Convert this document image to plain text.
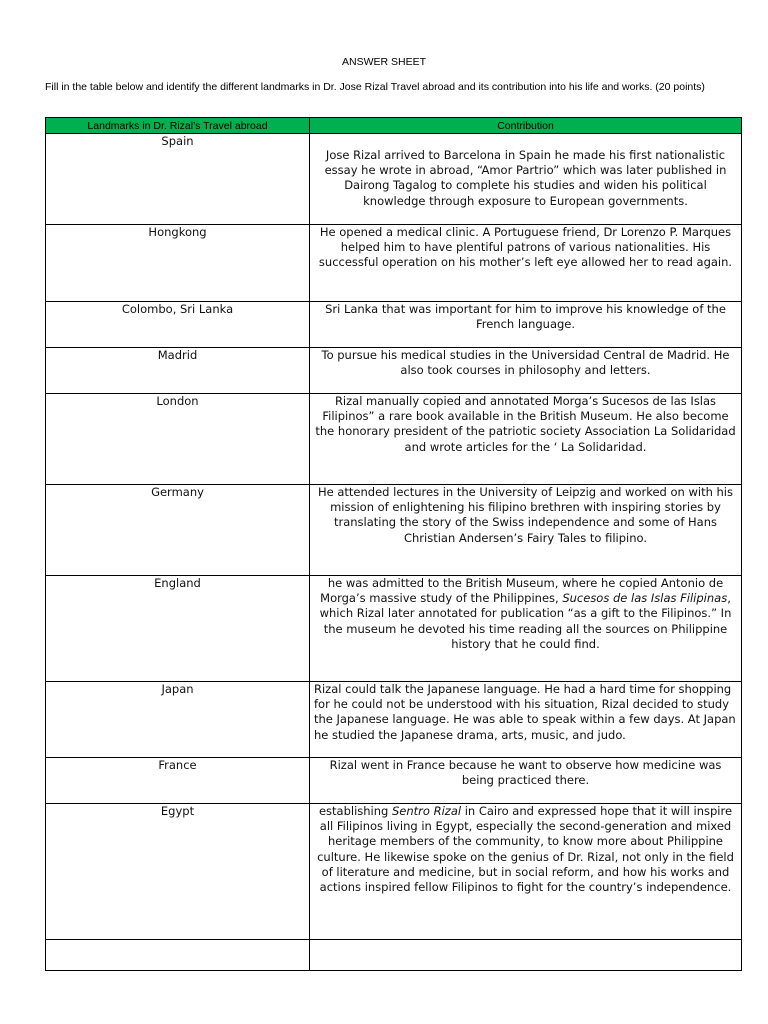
ANSWER SHEET
Fill in the table below and identify the different landmarks in Dr. Jose Rizal Travel abroad and its contribution into his life and works. (20 points)
Landmarks in Dr. Rizal’s Travel abroad	Contribution
Spain	Jose Rizal arrived to Barcelona in Spain he made his first nationalistic essay he wrote in abroad, “Amor Partrio” which was later published in Dairong Tagalog to complete his studies and widen his political knowledge through exposure to European governments.
Hongkong	He opened a medical clinic. A Portuguese friend, Dr Lorenzo P. Marques helped him to have plentiful patrons of various nationalities. His successful operation on his mother’s left eye allowed her to read again.
Colombo, Sri Lanka	Sri Lanka that was important for him to improve his knowledge of the French language.
Madrid	To pursue his medical studies in the Universidad Central de Madrid. He also took courses in philosophy and letters.
London	Rizal manually copied and annotated Morga’s Sucesos de las Islas Filipinos” a rare book available in the British Museum. He also become the honorary president of the patriotic society Association La Solidaridad and wrote articles for the ‘ La Solidaridad.
Germany	He attended lectures in the University of Leipzig and worked on with his mission of enlightening his filipino brethren with inspiring stories by translating the story of the Swiss independence and some of Hans Christian Andersen’s Fairy Tales to filipino.
England	he was admitted to the British Museum, where he copied Antonio de Morga’s massive study of the Philippines, Sucesos de las Islas Filipinas, which Rizal later annotated for publication “as a gift to the Filipinos.” In the museum he devoted his time reading all the sources on Philippine history that he could find.
Japan	Rizal could talk the Japanese language. He had a hard time for shopping for he could not be understood with his situation, Rizal decided to study the Japanese language. He was able to speak within a few days. At Japan he studied the Japanese drama, arts, music, and judo.
France	Rizal went in France because he want to observe how medicine was being practiced there.
Egypt	establishing Sentro Rizal in Cairo and expressed hope that it will inspire all Filipinos living in Egypt, especially the second-generation and mixed heritage members of the community, to know more about Philippine culture. He likewise spoke on the genius of Dr. Rizal, not only in the field of literature and medicine, but in social reform, and how his works and actions inspired fellow Filipinos to fight for the country’s independence.
